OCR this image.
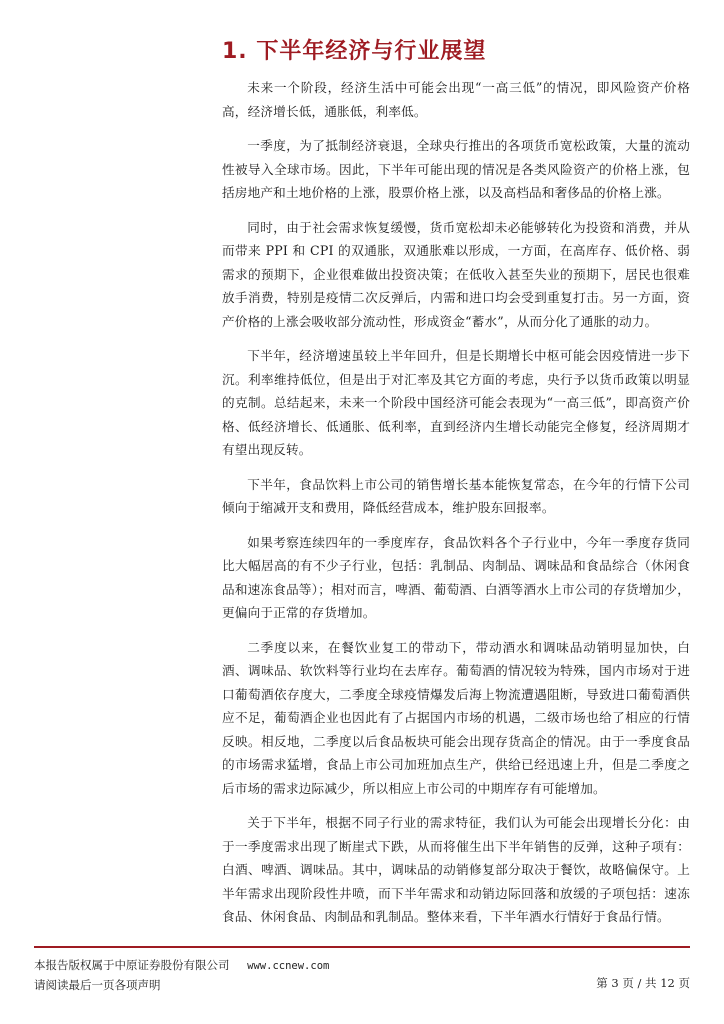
1. 下半年经济与行业展望

未来一个阶段，经济生活中可能会出现“一高三低”的情况，即风险资产价格高，经济增长低，通胀低，利率低。

一季度，为了抵制经济衰退，全球央行推出的各项货币宽松政策，大量的流动性被导入全球市场。因此，下半年可能出现的情况是各类风险资产的价格上涨，包括房地产和土地价格的上涨，股票价格上涨，以及高档品和奢侈品的价格上涨。

同时，由于社会需求恢复缓慢，货币宽松却未必能够转化为投资和消费，并从而带来 PPI 和 CPI 的双通胀，双通胀难以形成，一方面，在高库存、低价格、弱需求的预期下，企业很难做出投资决策；在低收入甚至失业的预期下，居民也很难放手消费，特别是疫情二次反弹后，内需和进口均会受到重复打击。另一方面，资产价格的上涨会吸收部分流动性，形成资金“蓄水”，从而分化了通胀的动力。

下半年，经济增速虽较上半年回升，但是长期增长中枢可能会因疫情进一步下沉。利率维持低位，但是出于对汇率及其它方面的考虑，央行予以货币政策以明显的克制。总结起来，未来一个阶段中国经济可能会表现为“一高三低”，即高资产价格、低经济增长、低通胀、低利率，直到经济内生增长动能完全修复，经济周期才有望出现反转。

下半年，食品饮料上市公司的销售增长基本能恢复常态，在今年的行情下公司倾向于缩减开支和费用，降低经营成本，维护股东回报率。

如果考察连续四年的一季度库存，食品饮料各个子行业中，今年一季度存货同比大幅居高的有不少子行业，包括：乳制品、肉制品、调味品和食品综合（休闲食品和速冻食品等）；相对而言，啤酒、葡萄酒、白酒等酒水上市公司的存货增加少，更偏向于正常的存货增加。

二季度以来，在餐饮业复工的带动下，带动酒水和调味品动销明显加快，白酒、调味品、软饮料等行业均在去库存。葡萄酒的情况较为特殊，国内市场对于进口葡萄酒依存度大，二季度全球疫情爆发后海上物流遭遇阻断，导致进口葡萄酒供应不足，葡萄酒企业也因此有了占据国内市场的机遇，二级市场也给了相应的行情反映。相反地，二季度以后食品板块可能会出现存货高企的情况。由于一季度食品的市场需求猛增，食品上市公司加班加点生产，供给已经迅速上升，但是二季度之后市场的需求边际减少，所以相应上市公司的中期库存有可能增加。

关于下半年，根据不同子行业的需求特征，我们认为可能会出现增长分化：由于一季度需求出现了断崖式下跌，从而将催生出下半年销售的反弹，这种子项有：白酒、啤酒、调味品。其中，调味品的动销修复部分取决于餐饮，故略偏保守。上半年需求出现阶段性井喷，而下半年需求和动销边际回落和放缓的子项包括：速冻食品、休闲食品、肉制品和乳制品。整体来看，下半年酒水行情好于食品行情。

本报告版权属于中原证券股份有限公司 www.ccnew.com
请阅读最后一页各项声明	第 3 页 / 共 12 页
